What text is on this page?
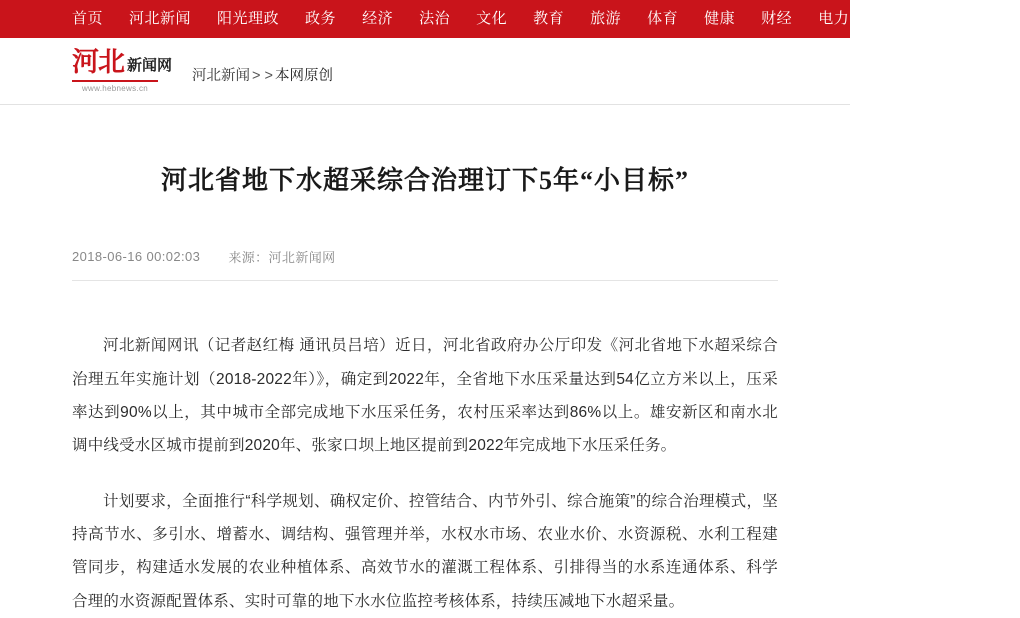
首页 河北新闻 阳光理政 政务 经济 法治 文化 教育 旅游 体育 健康 财经 电力 票购 体彩 汽车
河北 新闻网
www.hebnews.cn
河北新闻 > > 本网原创
河北省地下水超采综合治理订下5年“小目标”
2018-06-16 00:02:03 来源： 河北新闻网

河北新闻网讯（记者赵红梅 通讯员吕培）近日，河北省政府办公厅印发《河北省地下水超采综合治理五年实施计划（2018-2022年）》，确定到2022年，全省地下水压采量达到54亿立方米以上，压采率达到90%以上，其中城市全部完成地下水压采任务，农村压采率达到86%以上。雄安新区和南水北调中线受水区城市提前到2020年、张家口坝上地区提前到2022年完成地下水压采任务。

计划要求，全面推行“科学规划、确权定价、控管结合、内节外引、综合施策”的综合治理模式，坚持高节水、多引水、增蓄水、调结构、强管理并举，水权水市场、农业水价、水资源税、水利工程建管同步，构建适水发展的农业种植体系、高效节水的灌溉工程体系、引排得当的水系连通体系、科学合理的水资源配置体系、实时可靠的地下水水位监控考核体系，持续压减地下水超采量。
